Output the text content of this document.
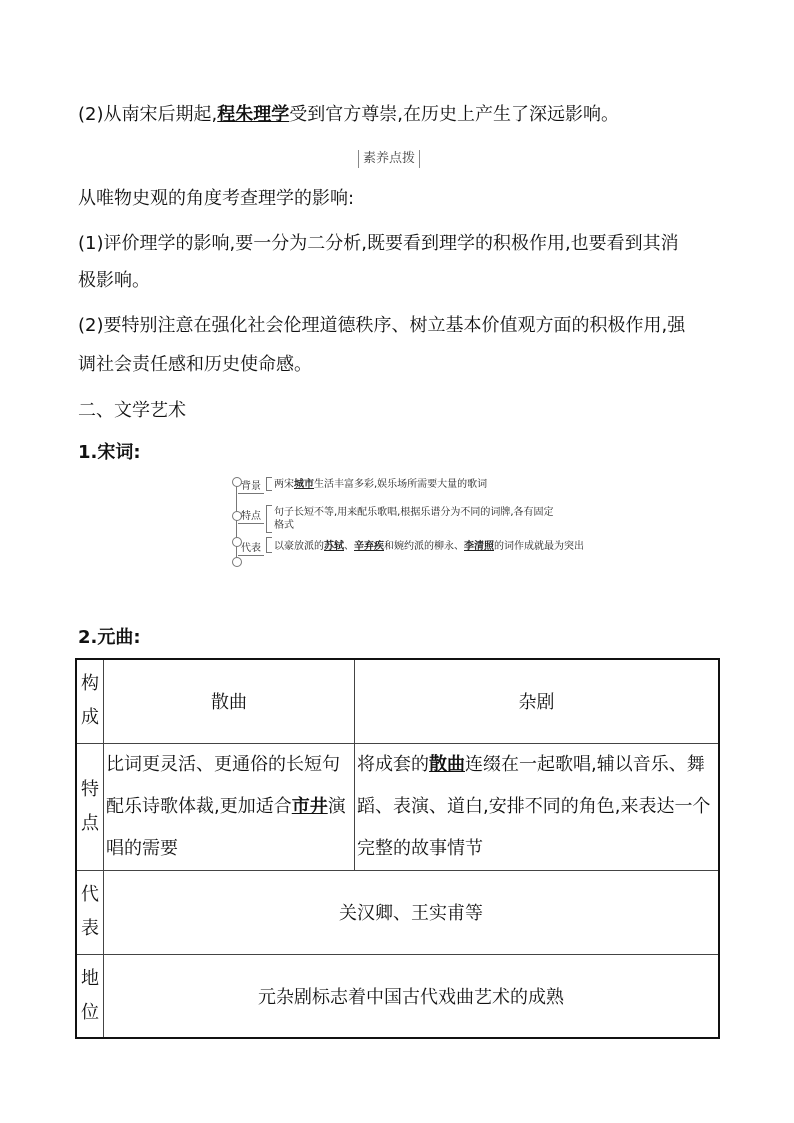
(2)从南宋后期起,程朱理学受到官方尊崇,在历史上产生了深远影响。
素养点拨
从唯物史观的角度考查理学的影响:
(1)评价理学的影响,要一分为二分析,既要看到理学的积极作用,也要看到其消
极影响。
(2)要特别注意在强化社会伦理道德秩序、树立基本价值观方面的积极作用,强
调社会责任感和历史使命感。
二、文学艺术
1.宋词:
背景	两宋城市生活丰富多彩,娱乐场所需要大量的歌词
特点	句子长短不等,用来配乐歌唱,根据乐谱分为不同的词牌,各有固定格式
代表	以豪放派的苏轼、辛弃疾和婉约派的柳永、李清照的词作成就最为突出
2.元曲:
构
成	散曲	杂剧

特
点	比词更灵活、更通俗的长短句配乐诗歌体裁,更加适合市井演唱的需要	将成套的散曲连缀在一起歌唱,辅以音乐、舞蹈、表演、道白,安排不同的角色,来表达一个完整的故事情节

代
表	关汉卿、王实甫等	

地
位	元杂剧标志着中国古代戏曲艺术的成熟	
